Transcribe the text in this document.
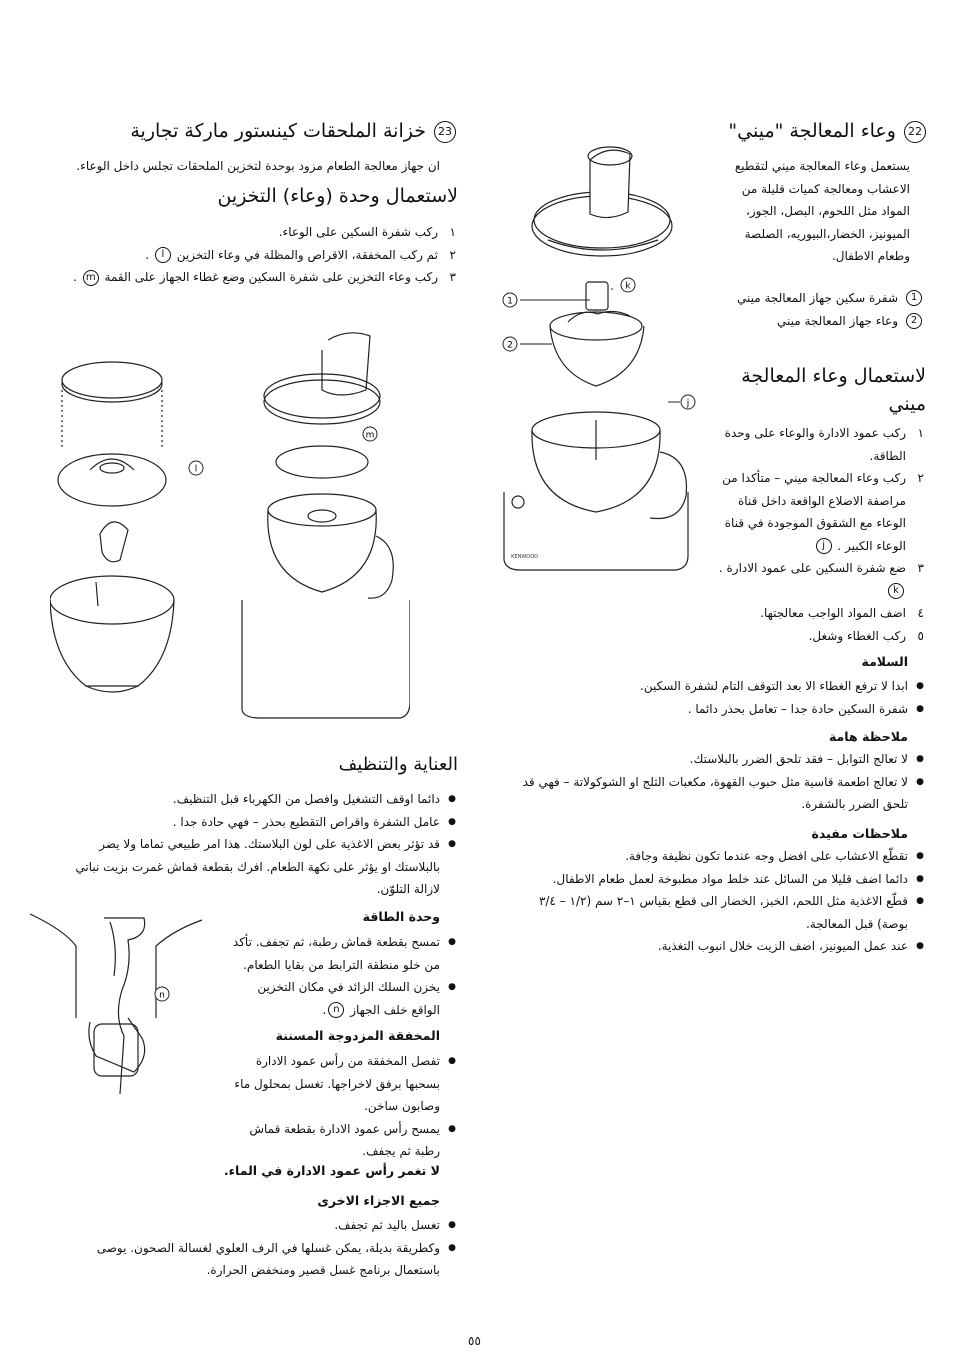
22 وعاء المعالجة "ميني"
يستعمل وعاء المعالجة ميني لتقطيع الاعشاب ومعالجة كميات قليلة من المواد مثل اللحوم، البصل، الجوز، الميونيز، الخضار،البيوريه، الصلصة وطعام الاطفال.
1
شفرة سكين جهاز المعالجة ميني
2
وعاء جهاز المعالجة ميني
لاستعمال وعاء المعالجة ميني
١
ركب عمود الادارة والوعاء على وحدة الطاقة.
٢
ركب وعاء المعالجة ميني – متأكدا من مراصفة الاضلاع الواقعة داخل قناة الوعاء مع الشقوق الموجودة في قناة الوعاء الكبير . j
٣
ضع شفرة السكين على عمود الادارة . k
٤
اضف المواد الواجب معالجتها.
٥
ركب الغطاء وشغل.
السلامة
● ابدا لا ترفع الغطاء الا بعد التوقف التام لشفرة السكين.
● شفرة السكين حادة جدا – تعامل بحذر دائما .
ملاحظة هامة
● لا تعالج التوابل – فقد تلحق الضرر بالبلاستك.
● لا تعالج اطعمة قاسية مثل حبوب القهوة، مكعبات الثلج او الشوكولاتة – فهي قد تلحق الضرر بالشفرة.
ملاحظات مفيدة
● تقطّع الاعشاب على افضل وجه عندما تكون نظيفة وجافة.
● دائما اضف قليلا من السائل عند خلط مواد مطبوخة لعمل طعام الاطفال.
● قطّع الاغذية مثل اللحم، الخبز، الخضار الى قطع بقياس ١–٢ سم (١/٢ – ٣/٤ بوصة) قبل المعالجة.
● عند عمل الميونيز، اضف الزيت خلال انبوب التغذية.
23 خزانة الملحقات كينستور ماركة تجارية
ان جهاز معالجة الطعام مزود بوحدة لتخزين الملحقات تجلس داخل الوعاء.
لاستعمال وحدة (وعاء) التخزين
١
ركب شفرة السكين على الوعاء.
٢
ثم ركب المخفقة، الاقراص والمظلة في وعاء التخزين l .
٣
ركب وعاء التخزين على شفرة السكين وضع غطاء الجهاز على القمة m .
العناية والتنظيف
● دائما اوقف التشغيل وافصل من الكهرباء قبل التنظيف.
● عامل الشفرة واقراص التقطيع بحذر – فهي حادة جدا .
● قد تؤثر بعض الاغذية على لون البلاستك. هذا امر طبيعي تماما ولا يضر بالبلاستك او يؤثر على نكهة الطعام. افرك بقطعة قماش غمرت بزيت نباتي لازالة التلوّن.
وحدة الطاقة
● تمسح بقطعة قماش رطبة، ثم تجفف. تأكد من خلو منطقة الترابط من بقايا الطعام.
● يخزن السلك الزائد في مكان التخزين الواقع خلف الجهاز n.
المخفقة المزدوجة المسننة
● تفصل المخفقة من رأس عمود الادارة بسحبها برفق لاخراجها. تغسل بمحلول ماء وصابون ساخن.
● يمسح رأس عمود الادارة بقطعة قماش رطبة ثم يجفف.
لا تغمر رأس عمود الادارة في الماء.
جميع الاجزاء الاخرى
● تغسل باليد ثم تجفف.
● وكطريقة بديلة، يمكن غسلها في الرف العلوي لغسالة الصحون. يوصى باستعمال برنامج غسل قصير ومنخفض الحرارة.
٥٥
KENWOOD
1
2
k
j
m
l
n
